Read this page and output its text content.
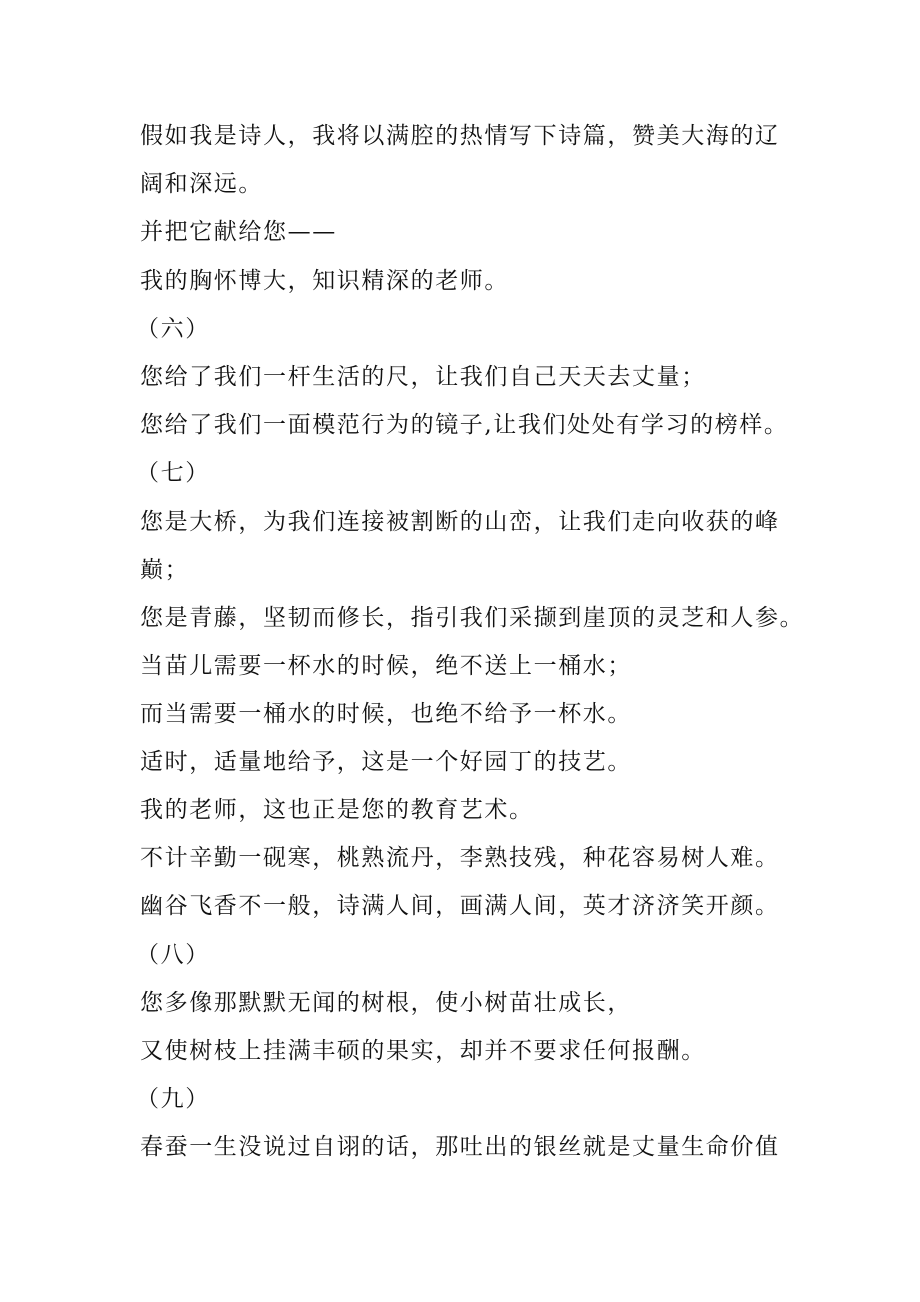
假如我是诗人，我将以满腔的热情写下诗篇，赞美大海的辽
阔和深远。
并把它献给您——
我的胸怀博大，知识精深的老师。
（六）
您给了我们一杆生活的尺，让我们自己天天去丈量；
您给了我们一面模范行为的镜子,让我们处处有学习的榜样。
（七）
您是大桥，为我们连接被割断的山峦，让我们走向收获的峰
巅；
您是青藤，坚韧而修长，指引我们采撷到崖顶的灵芝和人参。
当苗儿需要一杯水的时候，绝不送上一桶水；
而当需要一桶水的时候，也绝不给予一杯水。
适时，适量地给予，这是一个好园丁的技艺。
我的老师，这也正是您的教育艺术。
不计辛勤一砚寒，桃熟流丹，李熟技残，种花容易树人难。
幽谷飞香不一般，诗满人间，画满人间，英才济济笑开颜。
（八）
您多像那默默无闻的树根，使小树苗壮成长，
又使树枝上挂满丰硕的果实，却并不要求任何报酬。
（九）
春蚕一生没说过自诩的话，那吐出的银丝就是丈量生命价值
